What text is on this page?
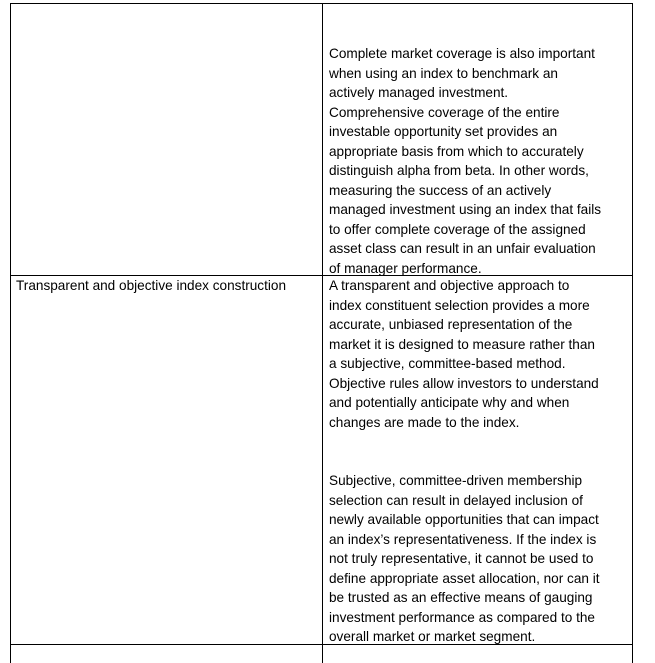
Complete market coverage is also important
when using an index to benchmark an
actively managed investment.
Comprehensive coverage of the entire
investable opportunity set provides an
appropriate basis from which to accurately
distinguish alpha from beta. In other words,
measuring the success of an actively
managed investment using an index that fails
to offer complete coverage of the assigned
asset class can result in an unfair evaluation
of manager performance.
Transparent and objective index construction	A transparent and objective approach to
index constituent selection provides a more
accurate, unbiased representation of the
market it is designed to measure rather than
a subjective, committee-based method.
Objective rules allow investors to understand
and potentially anticipate why and when
changes are made to the index.
Subjective, committee-driven membership
selection can result in delayed inclusion of
newly available opportunities that can impact
an index’s representativeness. If the index is
not truly representative, it cannot be used to
define appropriate asset allocation, nor can it
be trusted as an effective means of gauging
investment performance as compared to the
overall market or market segment.
